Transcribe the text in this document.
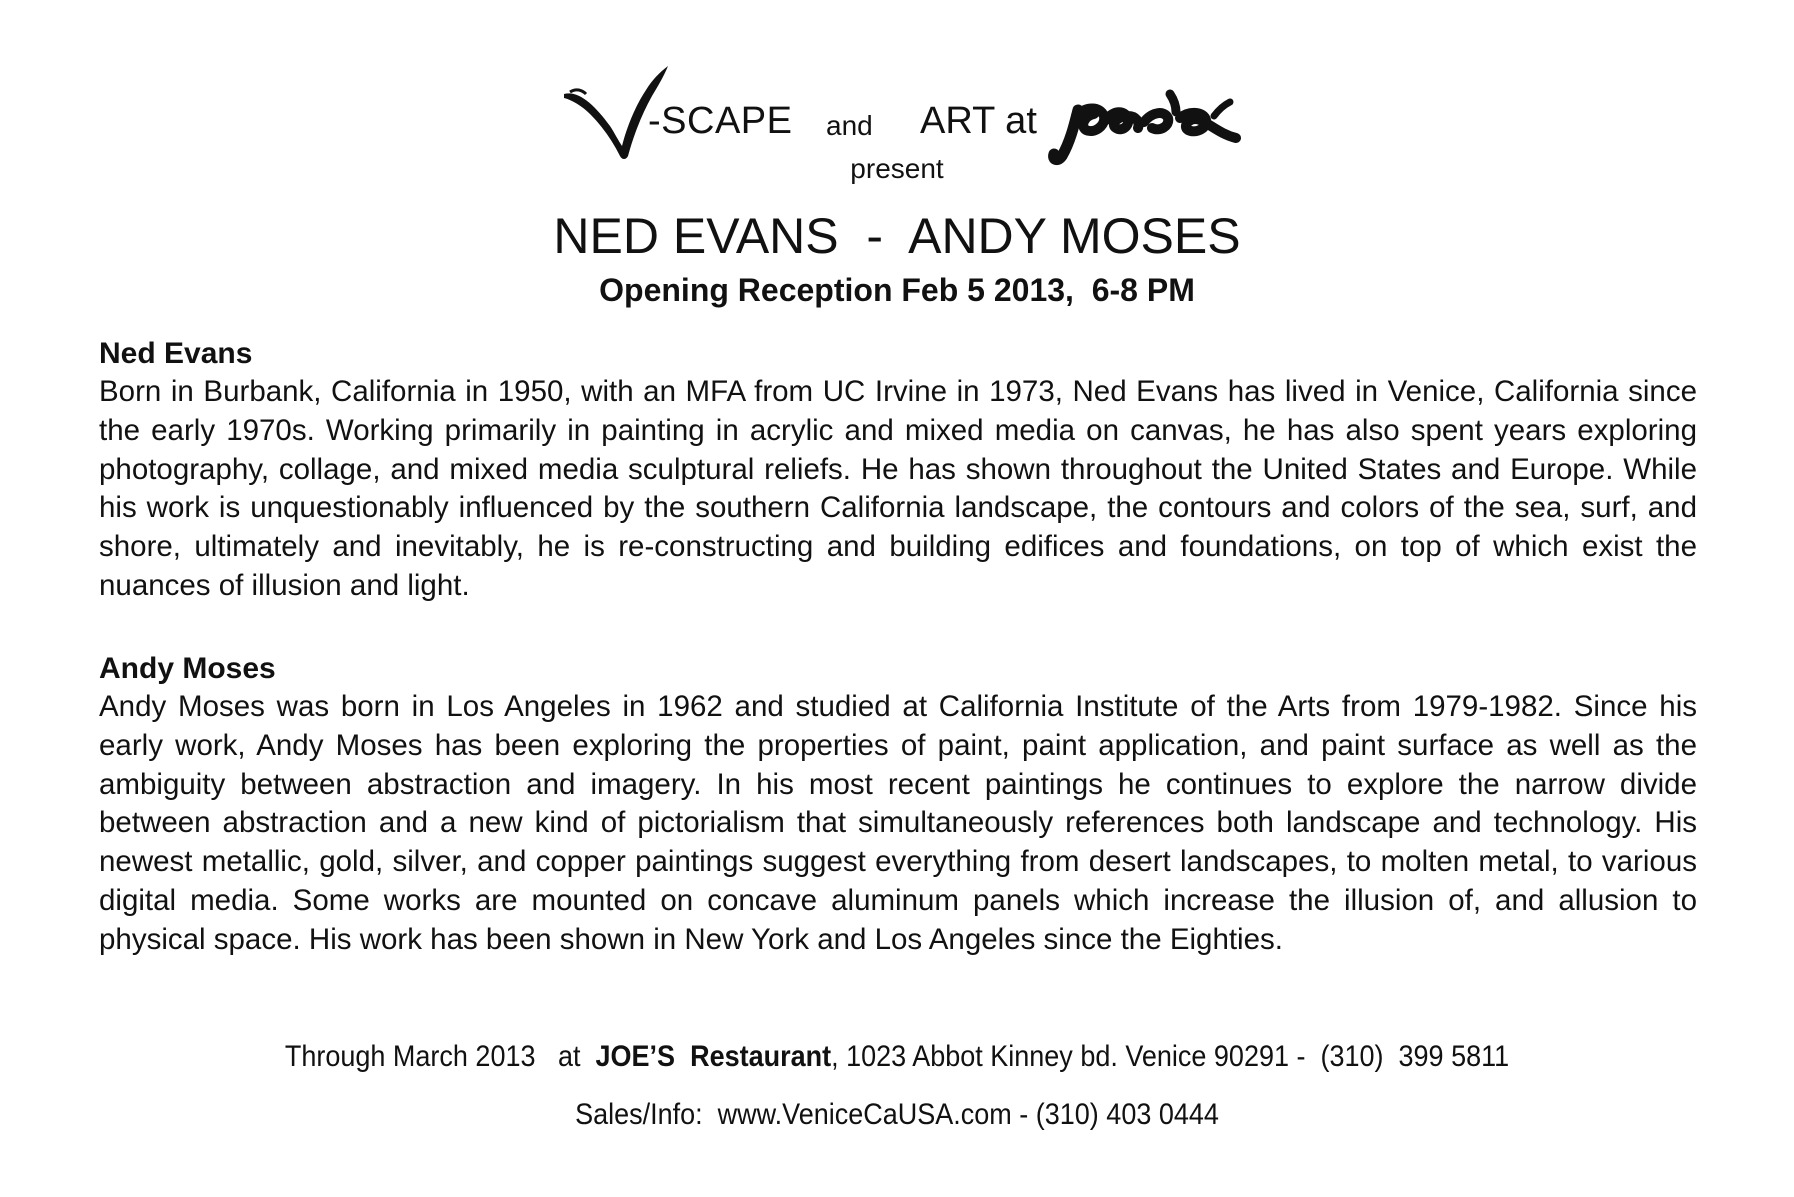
-SCAPE and ART at
present
NED EVANS  -  ANDY MOSES
Opening Reception Feb 5 2013,  6-8 PM
Ned Evans

Born in Burbank, California in 1950, with an MFA from UC Irvine in 1973, Ned Evans has lived in Venice, California since the early 1970s. Working primarily in painting in acrylic and mixed media on canvas, he has also spent years exploring photography, collage, and mixed media sculptural reliefs. He has shown throughout the United States and Europe. While his work is unquestionably influenced by the southern California landscape, the contours and colors of the sea, surf, and shore, ultimately and inevitably, he is re-constructing and building edifices and foundations, on top of which exist the nuances of illusion and light.

Andy Moses

Andy Moses was born in Los Angeles in 1962 and studied at California Institute of the Arts from 1979-1982. Since his early work, Andy Moses has been exploring the properties of paint, paint application, and paint surface as well as the ambiguity between abstraction and imagery. In his most recent paintings he continues to explore the narrow divide between abstraction and a new kind of pictorialism that simultaneously references both landscape and technology. His newest metallic, gold, silver, and copper paintings suggest everything from desert landscapes, to molten metal, to various digital media. Some works are mounted on concave aluminum panels which increase the illusion of, and allusion to physical space. His work has been shown in New York and Los Angeles since the Eighties.

Through March 2013   at  JOE’S  Restaurant, 1023 Abbot Kinney bd. Venice 90291 -  (310)  399 5811
Sales/Info:  www.VeniceCaUSA.com - (310) 403 0444
